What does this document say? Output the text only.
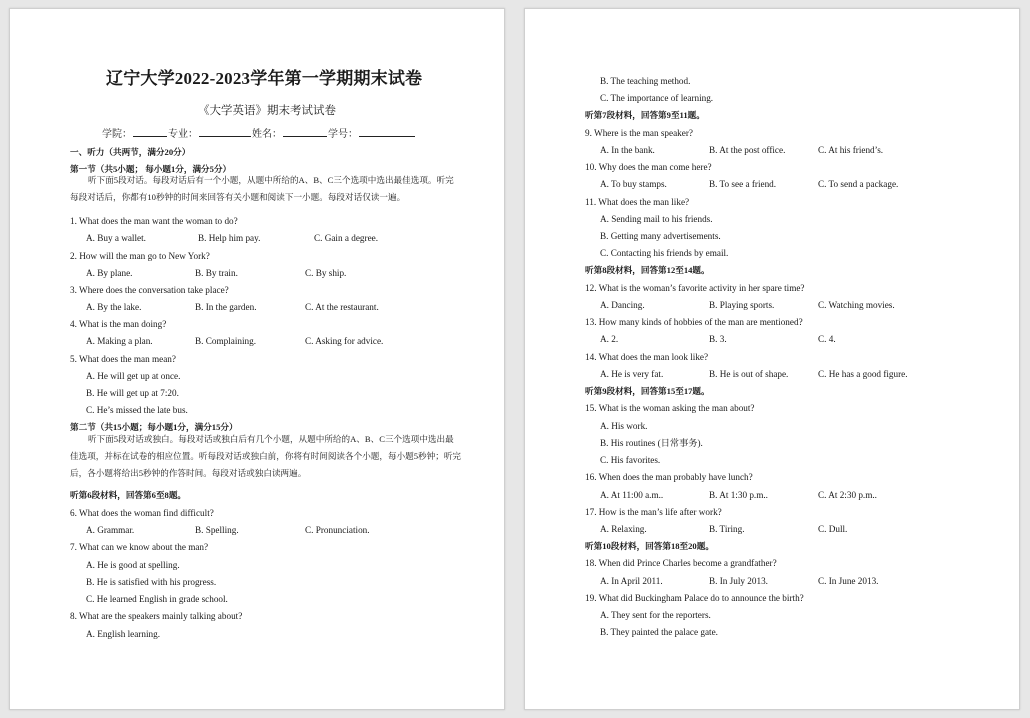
辽宁大学2022-2023学年第一学期期末试卷
《大学英语》期末考试试卷
学院：	专业：	姓名：	学号：
一、听力（共两节，满分20分）
第一节（共5小题； 每小题1分，满分5分）
听下面5段对话。每段对话后有一个小题，从题中所给的A、B、C三个选项中选出最佳选项。听完每段对话后，你都有10秒钟的时间来回答有关小题和阅读下一小题。每段对话仅读一遍。
1. What does the man want the woman to do?
A. Buy a wallet.	B. Help him pay.	C. Gain a degree.
2. How will the man go to New York?
A. By plane.	B. By train.	C. By ship.
3. Where does the conversation take place?
A. By the lake.	B. In the garden.	C. At the restaurant.
4. What is the man doing?
A. Making a plan.	B. Complaining.	C. Asking for advice.
5. What does the man mean?
A. He will get up at once.
B. He will get up at 7:20.
C. He’s missed the late bus.
第二节（共15小题；每小题1分，满分15分）
听下面5段对话或独白。每段对话或独白后有几个小题，从题中所给的A、B、C三个选项中选出最佳选项，并标在试卷的相应位置。听每段对话或独白前，你将有时间阅读各个小题，每小题5秒钟；听完后，各小题将给出5秒钟的作答时间。每段对话或独白读两遍。
听第6段材料，回答第6至8题。
6. What does the woman find difficult?
A. Grammar.	B. Spelling.	C. Pronunciation.
7. What can we know about the man?
A. He is good at spelling.
B. He is satisfied with his progress.
C. He learned English in grade school.
8. What are the speakers mainly talking about?
A. English learning.
B. The teaching method.
C. The importance of learning.
听第7段材料，回答第9至11题。
9. Where is the man speaker?
A. In the bank.	B. At the post office.	C. At his friend’s.
10. Why does the man come here?
A. To buy stamps.	B. To see a friend.	C. To send a package.
11. What does the man like?
A. Sending mail to his friends.
B. Getting many advertisements.
C. Contacting his friends by email.
听第8段材料，回答第12至14题。
12. What is the woman’s favorite activity in her spare time?
A. Dancing.	B. Playing sports.	C. Watching movies.
13. How many kinds of hobbies of the man are mentioned?
A. 2.	B. 3.	C. 4.
14. What does the man look like?
A. He is very fat.	B. He is out of shape.	C. He has a good figure.
听第9段材料，回答第15至17题。
15. What is the woman asking the man about?
A. His work.
B. His routines (日常事务).
C. His favorites.
16. When does the man probably have lunch?
A. At 11:00 a.m..	B. At 1:30 p.m..	C. At 2:30 p.m..
17. How is the man’s life after work?
A. Relaxing.	B. Tiring.	C. Dull.
听第10段材料，回答第18至20题。
18. When did Prince Charles become a grandfather?
A. In April 2011.	B. In July 2013.	C. In June 2013.
19. What did Buckingham Palace do to announce the birth?
A. They sent for the reporters.
B. They painted the palace gate.
